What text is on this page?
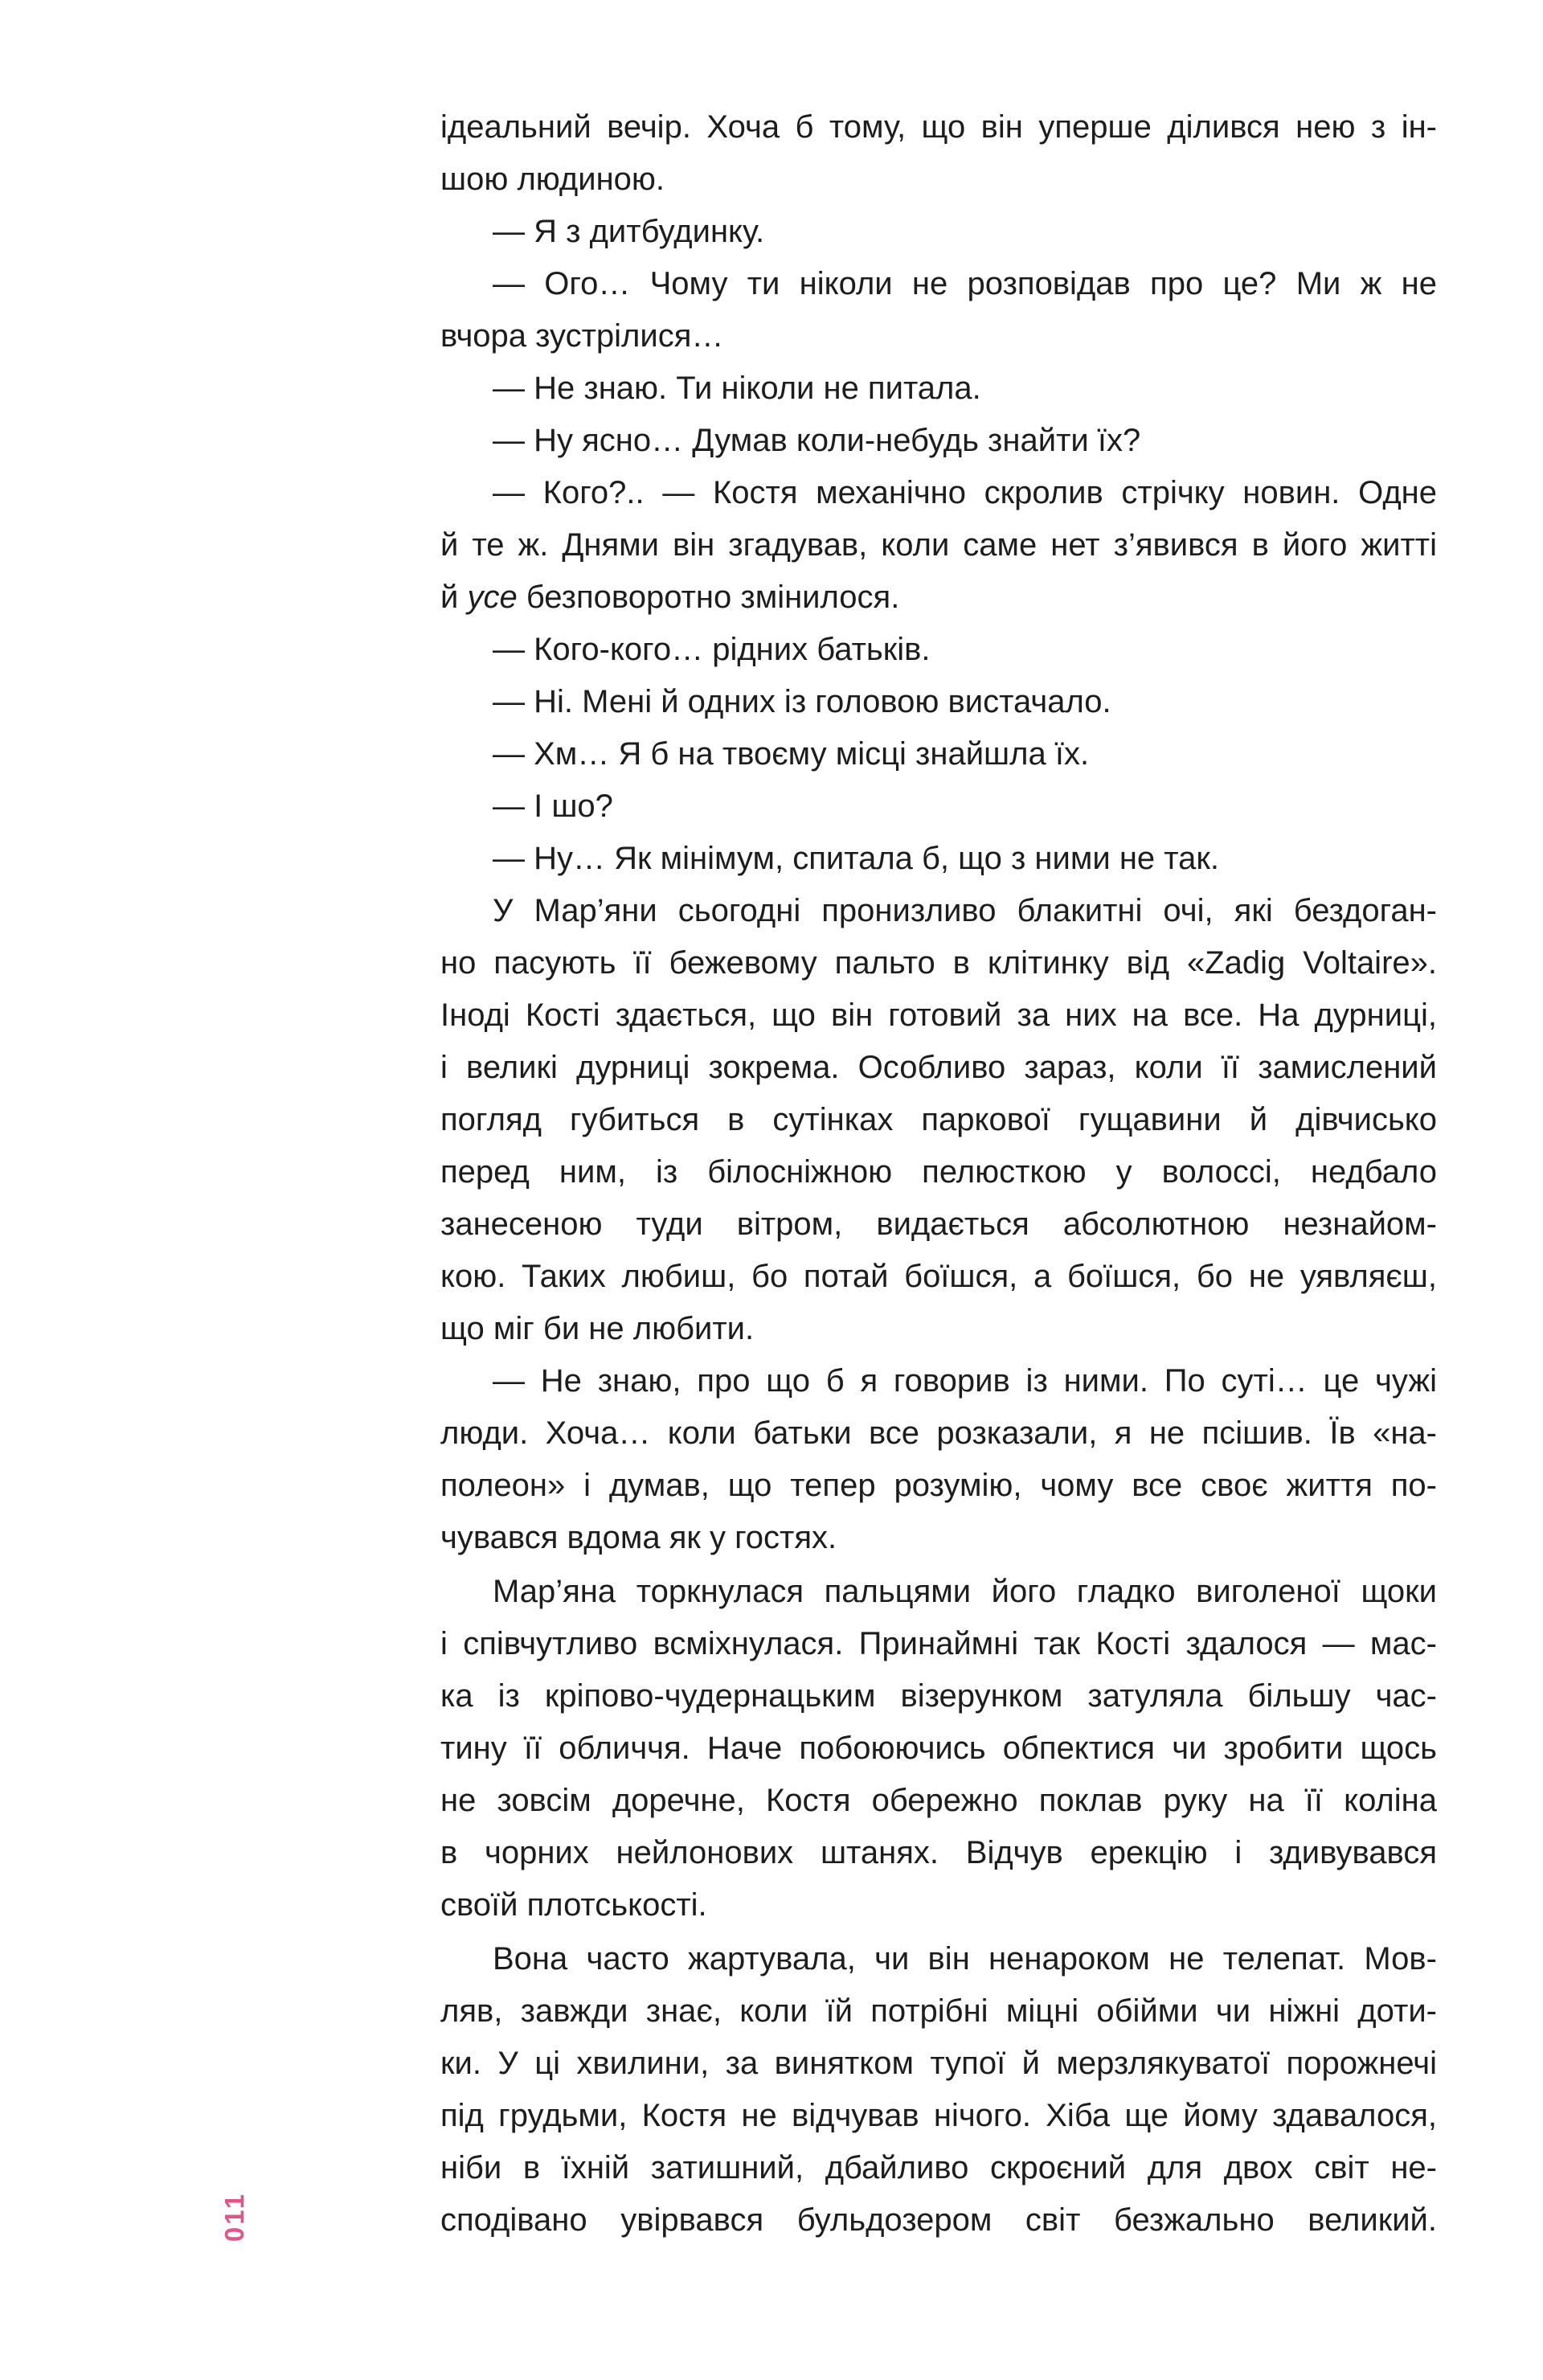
ідеальний вечір. Хоча б тому, що він уперше ділився нею з ін-
шою людиною.
— Я з дитбудинку.
— Ого… Чому ти ніколи не розповідав про це? Ми ж не
вчора зустрілися…
— Не знаю. Ти ніколи не питала.
— Ну ясно… Думав коли-небудь знайти їх?
— Кого?.. — Костя механічно скролив стрічку новин. Одне
й те ж. Днями він згадував, коли саме нет з’явився в його житті
й усе безповоротно змінилося.
— Кого-кого… рідних батьків.
— Ні. Мені й одних із головою вистачало.
— Хм… Я б на твоєму місці знайшла їх.
— І шо?
— Ну… Як мінімум, спитала б, що з ними не так.
У Мар’яни сьогодні пронизливо блакитні очі, які бездоган-
но пасують її бежевому пальто в клітинку від «Zadig Voltaire».
Іноді Кості здається, що він готовий за них на все. На дурниці,
і великі дурниці зокрема. Особливо зараз, коли її замислений
погляд губиться в сутінках паркової гущавини й дівчисько
перед ним, із білосніжною пелюсткою у волоссі, недбало
занесеною туди вітром, видається абсолютною незнайом-
кою. Таких любиш, бо потай боїшся, а боїшся, бо не уявляєш,
що міг би не любити.
— Не знаю, про що б я говорив із ними. По суті… це чужі
люди. Хоча… коли батьки все розказали, я не псішив. Їв «на-
полеон» і думав, що тепер розумію, чому все своє життя по-
чувався вдома як у гостях.
Мар’яна торкнулася пальцями його гладко виголеної щоки
і співчутливо всміхнулася. Принаймні так Кості здалося — мас-
ка із кріпово-чудернацьким візерунком затуляла більшу час-
тину її обличчя. Наче побоюючись обпектися чи зробити щось
не зовсім доречне, Костя обережно поклав руку на її коліна
в чорних нейлонових штанях. Відчув ерекцію і здивувався
своїй плотськості.
Вона часто жартувала, чи він ненароком не телепат. Мов-
ляв, завжди знає, коли їй потрібні міцні обійми чи ніжні доти-
ки. У ці хвилини, за винятком тупої й мерзлякуватої порожнечі
під грудьми, Костя не відчував нічого. Хіба ще йому здавалося,
ніби в їхній затишний, дбайливо скроєний для двох світ не-
сподівано увірвався бульдозером світ безжально великий.
011
